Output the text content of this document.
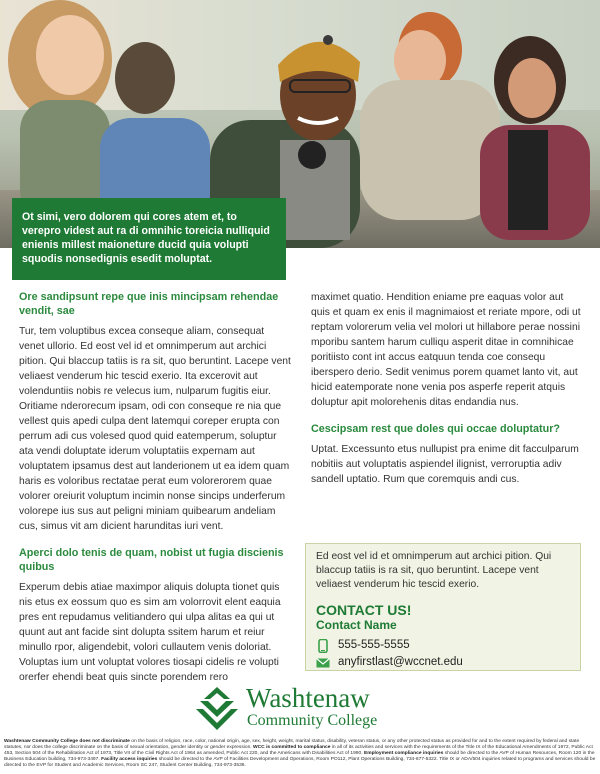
Ot simi, vero dolorem qui cores atem et, to verepro videst aut ra di omnihic toreicia nulliquid enienis millest maioneture ducid quia volupti squodis nonsedignis esedit moluptat.
Ore sandipsunt repe que inis mincipsam rehendae vendit, sae

Tur, tem voluptibus excea conseque aliam, consequat venet ullorio. Ed eost vel id et omnimperum aut archici pition. Qui blaccup tatiis is ra sit, quo beruntint. Lacepe vent veliaest venderum hic tescid exerio. Ita excerovit aut volenduntiis nobis re velecus ium, nulparum fugitis eiur. Oritiame nderorecum ipsam, odi con conseque re nia que vellest quis apedi culpa dent latemqui coreper erupta con perrum adi cus volesed quod quid eatemperum, soluptur ata vendi doluptate iderum voluptatiis expernam aut voluptatem ipsamus dest aut landerionem ut ea idem quam haris es voloribus rectatae perat eum volorerorem quae volorer oreiurit voluptum incimin nonse sincips underferum volorepe ius sus aut peligni miniam quibearum andeliam cus, simus vit am dicient harunditas iuri vent.

Aperci dolo tenis de quam, nobist ut fugia discienis quibus

Experum debis atiae maximpor aliquis dolupta tionet quis nis etus ex eossum quo es sim am volorrovit elent eaquia pres ent repudamus velitiandero qui ulpa alitas ea qui ut quunt aut ant facide sint dolupta ssitem harum et reiur minullo rpor, aligendebit, volori cullautem venis doloriat. Voluptas ium unt voluptat volores tiosapi cidelis re volupti orerfer ehendi beat quis sincte porendem rero

maximet quatio. Hendition eniame pre eaquas volor aut quis et quam ex enis il magnimaiost et reriate mpore, odi ut reptam volorerum velia vel molori ut hillabore perae nossini mporibu santem harum culliqu asperit ditae in comnihicae poritiisto cont int accus eatquun tenda coe consequ iberspero derio. Sedit venimus porem quamet lanto vit, aut hicid eatemporate none venia pos asperfe reperit atquis doluptur apit molorehenis ditas endandia nus.

Cescipsam rest que doles qui occae doluptatur?

Uptat. Excessunto etus nullupist pra enime dit facculparum nobitiis aut voluptatis aspiendel ilignist, verroruptia adiv sandell uptatio. Rum que coremquis andi cus.

Ed eost vel id et omnimperum aut archici pition. Qui blaccup tatiis is ra sit, quo beruntint. Lacepe vent veliaest venderum hic tescid exerio.

CONTACT US!

Contact Name

555-555-5555
anyfirstlast@wccnet.edu
Washtenaw
Community College
Washtenaw Community College does not discriminate on the basis of religion, race, color, national origin, age, sex, height, weight, marital status, disability, veteran status, or any other protected status as provided for and to the extent required by federal and state statutes, nor does the college discriminate on the basis of sexual orientation, gender identity or gender expression. WCC is committed to compliance in all of its activities and services with the requirements of the Title IX of the Educational Amendments of 1972, Public Act 453, Section 504 of the Rehabilitation Act of 1973, Title VII of the Civil Rights Act of 1964 as amended, Public Act 220, and the Americans with Disabilities Act of 1990. Employment compliance inquiries should be directed to the AVP of Human Resources, Room 120 in the Business Education building, 734-973-3497. Facility access inquiries should be directed to the AVP of Facilities Development and Operations, Room PO112, Plant Operations Building, 734-677-5322. Title IX or ADA/504 inquiries related to programs and services should be directed to the EVP for Student and Academic Services, Room SC 247, Student Center Building, 734-973-3536.
